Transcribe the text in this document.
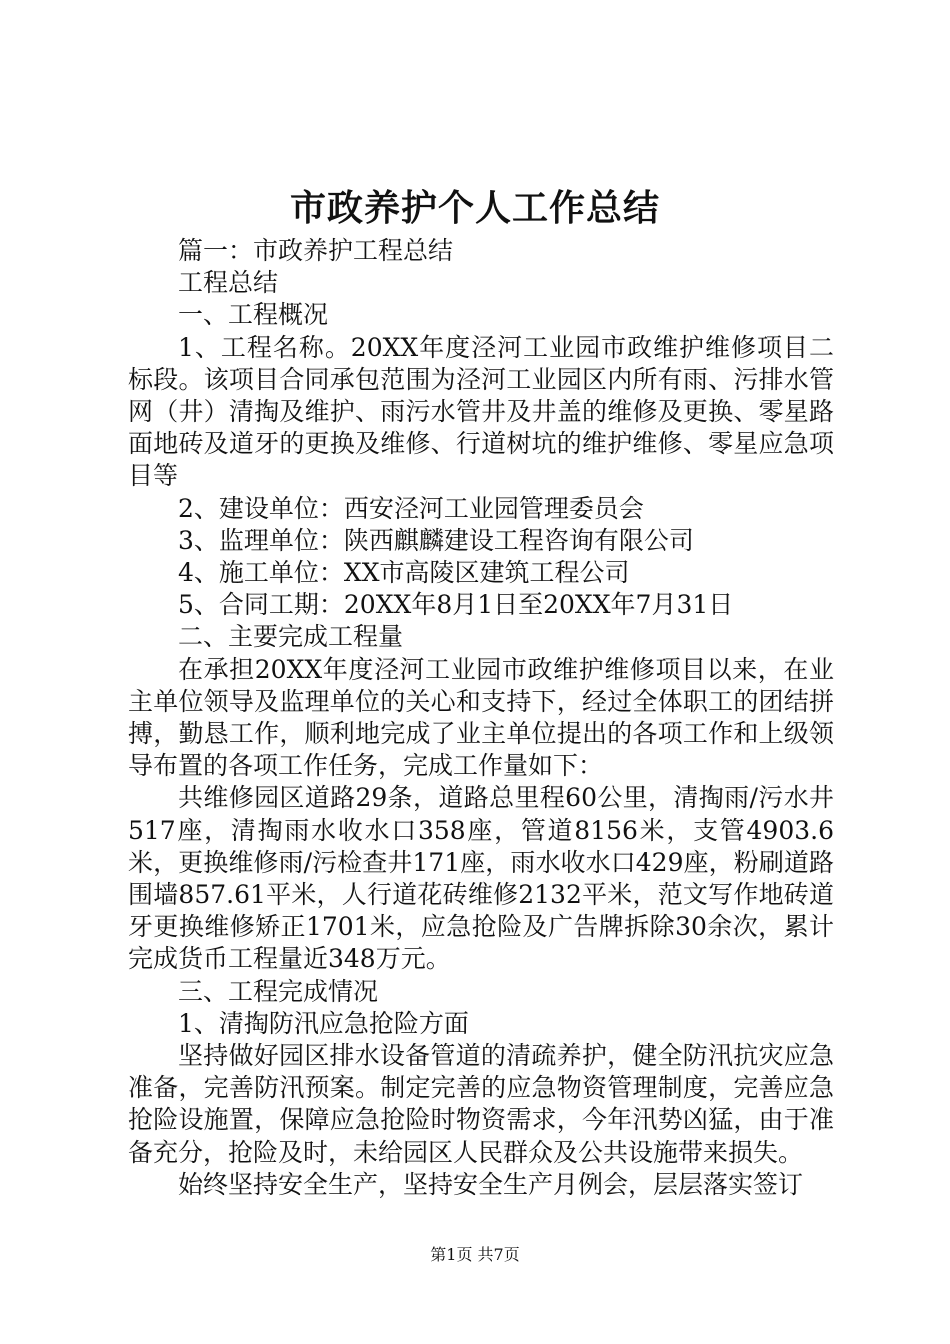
市政养护个人工作总结

篇一：市政养护工程总结

工程总结

一、工程概况

1、工程名称。20XX年度泾河工业园市政维护维修项目二标段。该项目合同承包范围为泾河工业园区内所有雨、污排水管网（井）清掏及维护、雨污水管井及井盖的维修及更换、零星路面地砖及道牙的更换及维修、行道树坑的维护维修、零星应急项目等

2、建设单位：西安泾河工业园管理委员会

3、监理单位：陕西麒麟建设工程咨询有限公司

4、施工单位：XX市高陵区建筑工程公司

5、合同工期：20XX年8月1日至20XX年7月31日

二、主要完成工程量

在承担20XX年度泾河工业园市政维护维修项目以来，在业主单位领导及监理单位的关心和支持下，经过全体职工的团结拼搏，勤恳工作，顺利地完成了业主单位提出的各项工作和上级领导布置的各项工作任务，完成工作量如下：

共维修园区道路29条，道路总里程60公里，清掏雨/污水井517座，清掏雨水收水口358座，管道8156米，支管4903.6米，更换维修雨/污检查井171座，雨水收水口429座，粉刷道路围墙857.61平米，人行道花砖维修2132平米，范文写作地砖道牙更换维修矫正1701米，应急抢险及广告牌拆除30余次，累计完成货币工程量近348万元。

三、工程完成情况

1、清掏防汛应急抢险方面

坚持做好园区排水设备管道的清疏养护，健全防汛抗灾应急准备，完善防汛预案。制定完善的应急物资管理制度，完善应急抢险设施置，保障应急抢险时物资需求，今年汛势凶猛，由于准备充分，抢险及时，未给园区人民群众及公共设施带来损失。

始终坚持安全生产，坚持安全生产月例会，层层落实签订

第1页 共7页
